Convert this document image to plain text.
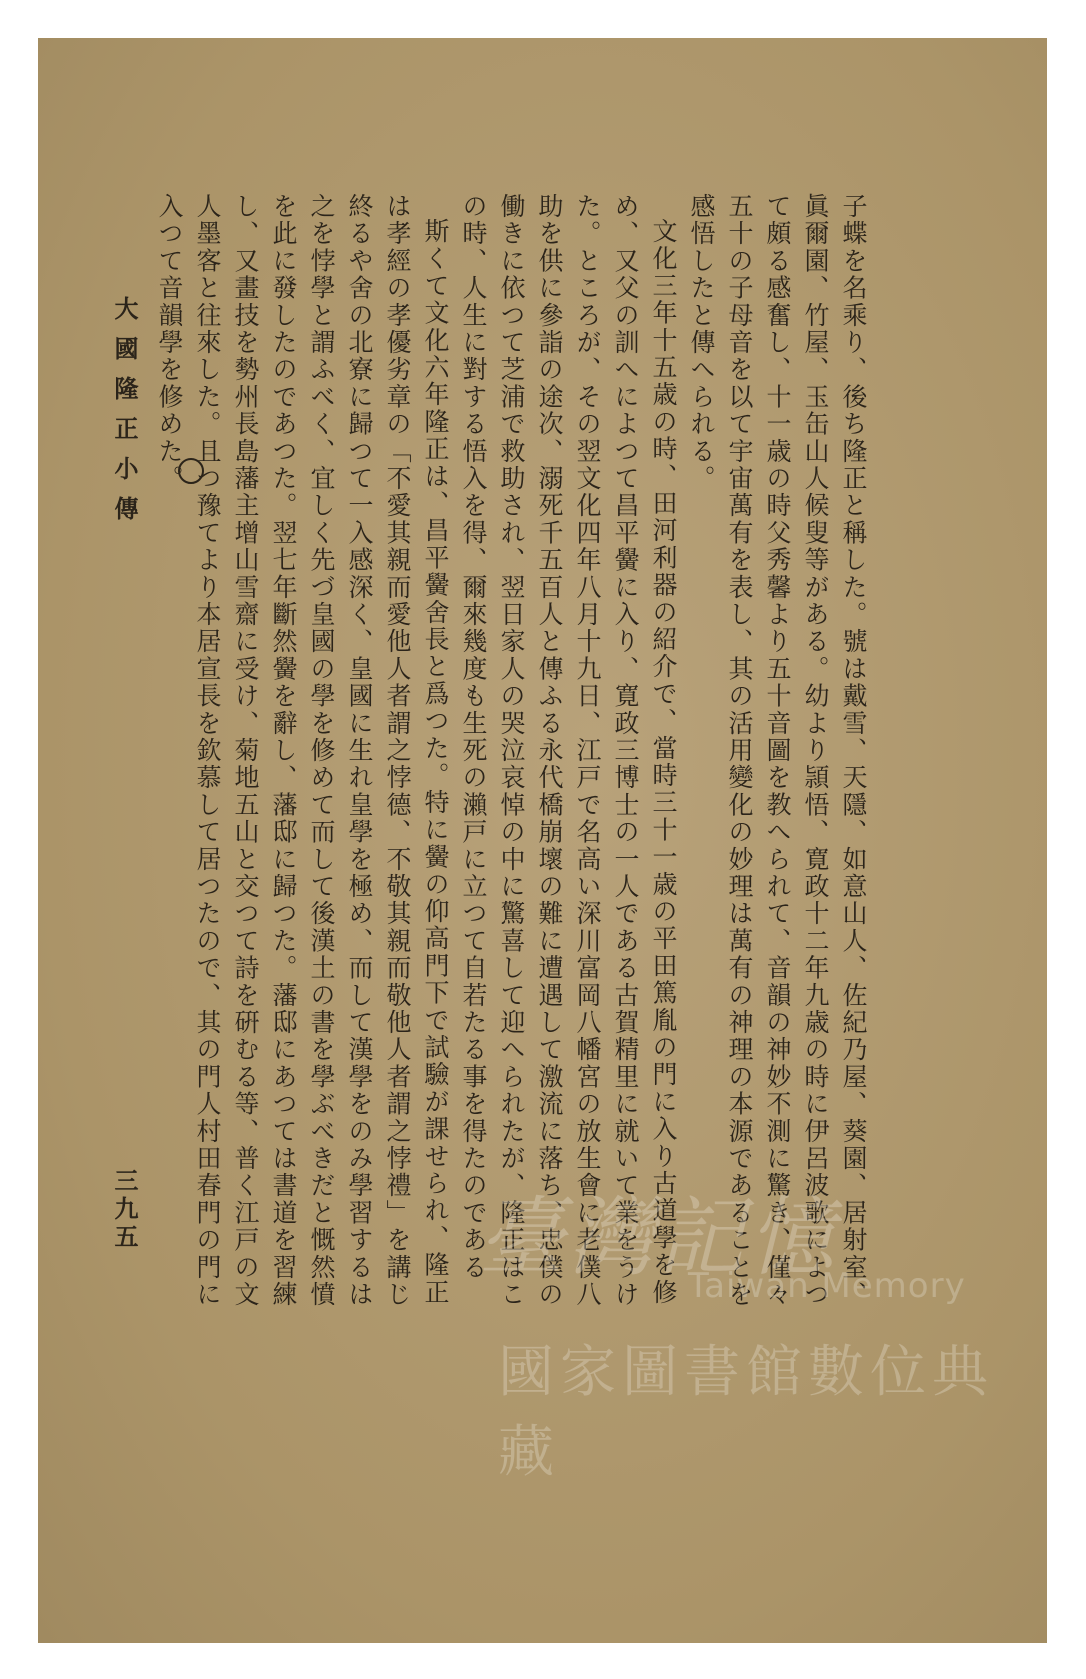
子蝶を名乘り、後ち隆正と稱した。號は戴雪、天隱、如意山人、佐紀乃屋、葵園、居射室、眞爾園、竹屋、玉缶山人候叟等がある。幼より頴悟、寛政十二年九歳の時に伊呂波歌によつて頗る感奮し、十一歳の時父秀馨より五十音圖を教へられて、音韻の神妙不測に驚き、僅々五十の子母音を以て宇宙萬有を表し、其の活用變化の妙理は萬有の神理の本源であることを感悟したと傳へられる。

文化三年十五歳の時、田河利器の紹介で、當時三十一歳の平田篤胤の門に入り古道學を修め、又父の訓へによつて昌平黌に入り、寛政三博士の一人である古賀精里に就いて業をうけた。ところが、その翌文化四年八月十九日、江戸で名高い深川富岡八幡宮の放生會に老僕八助を供に參詣の途次、溺死千五百人と傳ふる永代橋崩壞の難に遭遇して激流に落ち、忠僕の働きに依つて芝浦で救助され、翌日家人の哭泣哀悼の中に驚喜して迎へられたが、隆正はこの時、人生に對する悟入を得、爾來幾度も生死の瀨戸に立つて自若たる事を得たのである

斯くて文化六年隆正は、昌平黌舍長と爲つた。特に黌の仰高門下で試驗が課せられ、隆正は孝經の孝優劣章の「不愛其親而愛他人者謂之悖德、不敬其親而敬他人者謂之悖禮」を講じ終るや舍の北寮に歸つて一入感深く、皇國に生れ皇學を極め、而して漢學をのみ學習するは之を悖學と謂ふべく、宜しく先づ皇國の學を修めて而して後漢土の書を學ぶべきだと慨然憤を此に發したのであつた。翌七年斷然黌を辭し、藩邸に歸つた。藩邸にあつては書道を習練し、又畫技を勢州長島藩主增山雪齋に受け、菊地五山と交つて詩を硏むる等、普く江戸の文人墨客と往來した。且つ豫てより本居宣長を欽慕して居つたので、其の門人村田春門の門に入つて音韻學を修めた。

大國隆正小傳
三九五	臺灣記憶
Taiwan Memory
國家圖書館數位典藏
